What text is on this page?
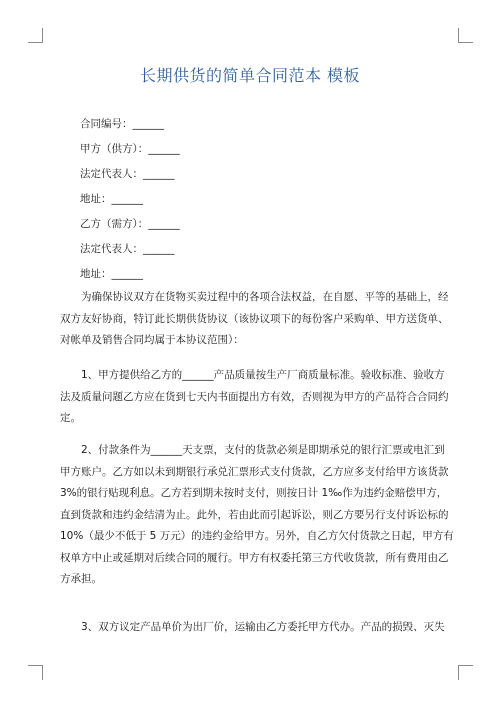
长期供货的简单合同范本 模板
合同编号：______
甲方（供方）：______
法定代表人：______
地址：______
乙方（需方）：______
法定代表人：______
地址：______
为确保协议双方在货物买卖过程中的各项合法权益，在自愿、平等的基础上，经
双方友好协商，特订此长期供货协议（该协议项下的每份客户采购单、甲方送货单、
对帐单及销售合同均属于本协议范围）：
1、甲方提供给乙方的______产品质量按生产厂商质量标准。验收标准、验收方
法及质量问题乙方应在货到七天内书面提出方有效，否则视为甲方的产品符合合同约
定。
2、付款条件为______天支票，支付的货款必须是即期承兑的银行汇票或电汇到
甲方账户。乙方如以未到期银行承兑汇票形式支付货款，乙方应多支付给甲方该货款
3%的银行贴现利息。乙方若到期未按时支付，则按日计 1‰作为违约金赔偿甲方，
直到货款和违约金结清为止。此外，若由此而引起诉讼，则乙方要另行支付诉讼标的
10%（最少不低于 5 万元）的违约金给甲方。另外，自乙方欠付货款之日起，甲方有
权单方中止或延期对后续合同的履行。甲方有权委托第三方代收货款，所有费用由乙
方承担。
3、双方议定产品单价为出厂价，运输由乙方委托甲方代办。产品的损毁、灭失
